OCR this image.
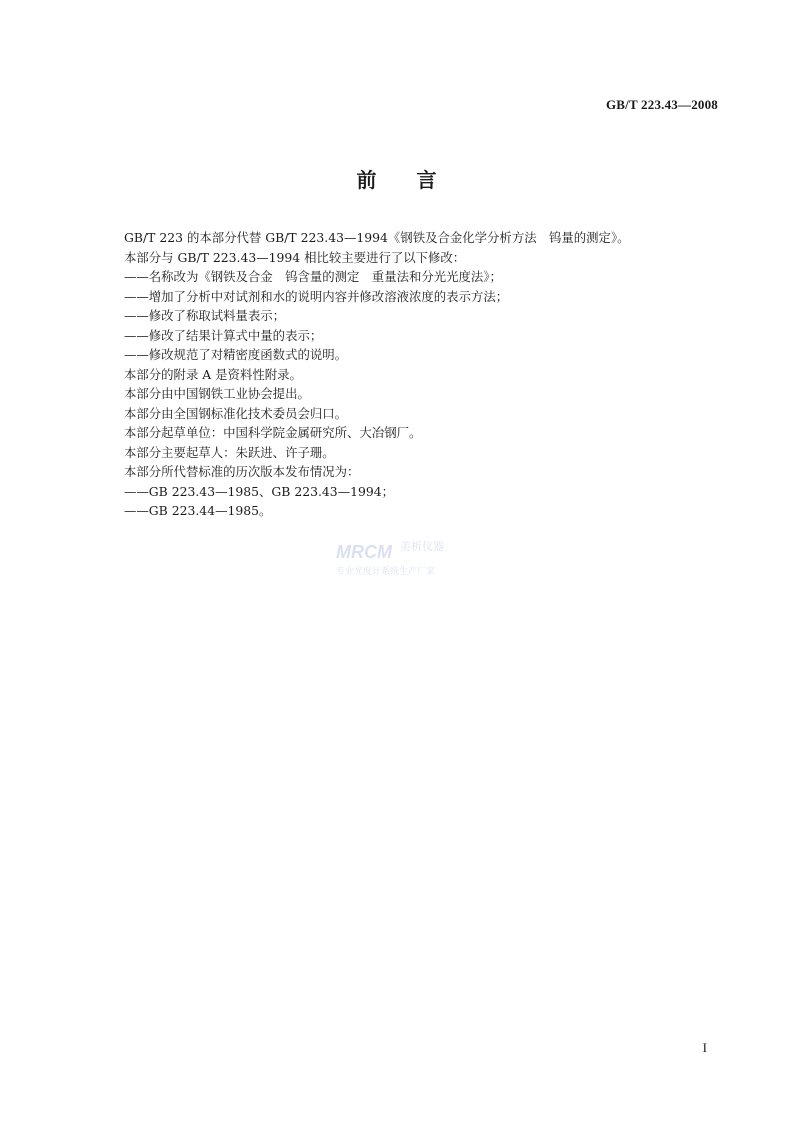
GB/T 223.43—2008
前 言
GB/T 223 的本部分代替 GB/T 223.43—1994《钢铁及合金化学分析方法　钨量的测定》。
本部分与 GB/T 223.43—1994 相比较主要进行了以下修改：
——名称改为《钢铁及合金　钨含量的测定　重量法和分光光度法》；
——增加了分析中对试剂和水的说明内容并修改溶液浓度的表示方法；
——修改了称取试料量表示；
——修改了结果计算式中量的表示；
——修改规范了对精密度函数式的说明。
本部分的附录 A 是资料性附录。
本部分由中国钢铁工业协会提出。
本部分由全国钢标准化技术委员会归口。
本部分起草单位：中国科学院金属研究所、大冶钢厂。
本部分主要起草人：朱跃进、许子珊。
本部分所代替标准的历次版本发布情况为：
——GB 223.43—1985、GB 223.43—1994；
——GB 223.44—1985。
MRCM 美析仪器
专业光度计系统生产厂家
I
